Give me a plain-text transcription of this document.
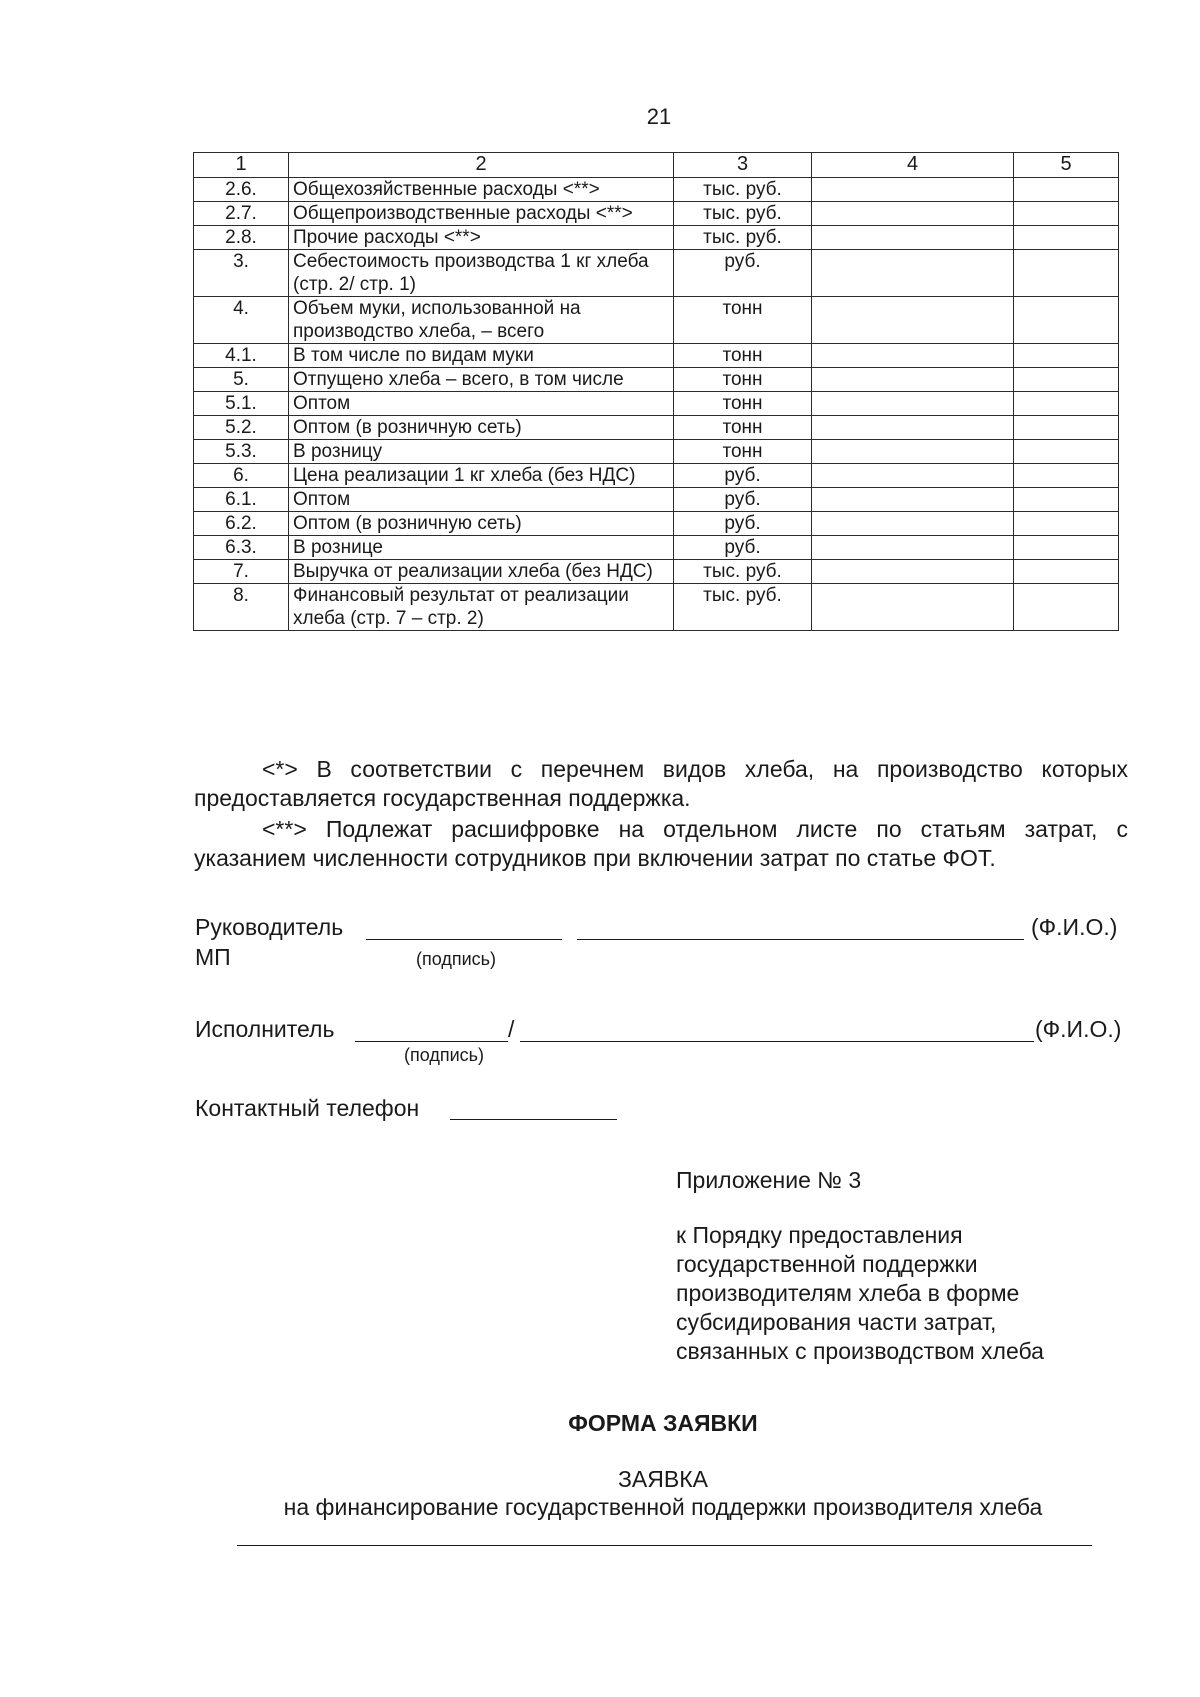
21
1	2	3	4	5
2.6.	Общехозяйственные расходы <**>	тыс. руб.		
2.7.	Общепроизводственные расходы <**>	тыс. руб.		
2.8.	Прочие расходы <**>	тыс. руб.		
3.	Себестоимость производства 1 кг хлеба (стр. 2/ стр. 1)	руб.		
4.	Объем муки, использованной на производство хлеба, – всего	тонн		
4.1.	В том числе по видам муки	тонн		
5.	Отпущено хлеба – всего, в том числе	тонн		
5.1.	Оптом	тонн		
5.2.	Оптом (в розничную сеть)	тонн		
5.3.	В розницу	тонн		
6.	Цена реализации 1 кг хлеба (без НДС)	руб.		
6.1.	Оптом	руб.		
6.2.	Оптом (в розничную сеть)	руб.		
6.3.	В рознице	руб.		
7.	Выручка от реализации хлеба (без НДС)	тыс. руб.		
8.	Финансовый результат от реализации хлеба (стр. 7 – стр. 2)	тыс. руб.		

<*> В соответствии с перечнем видов хлеба, на производство которых предоставляется государственная поддержка.

<**> Подлежат расшифровке на отдельном листе по статьям затрат, с указанием численности сотрудников при включении затрат по статье ФОТ.

Руководитель	(Ф.И.О.)
МП	(подпись)
Исполнитель	/	(Ф.И.О.)
(подпись)
Контактный телефон
Приложение № 3
к Порядку предоставления
государственной поддержки
производителям хлеба в форме
субсидирования части затрат,
связанных с производством хлеба
ФОРМА ЗАЯВКИ
ЗАЯВКА
на финансирование государственной поддержки производителя хлеба
